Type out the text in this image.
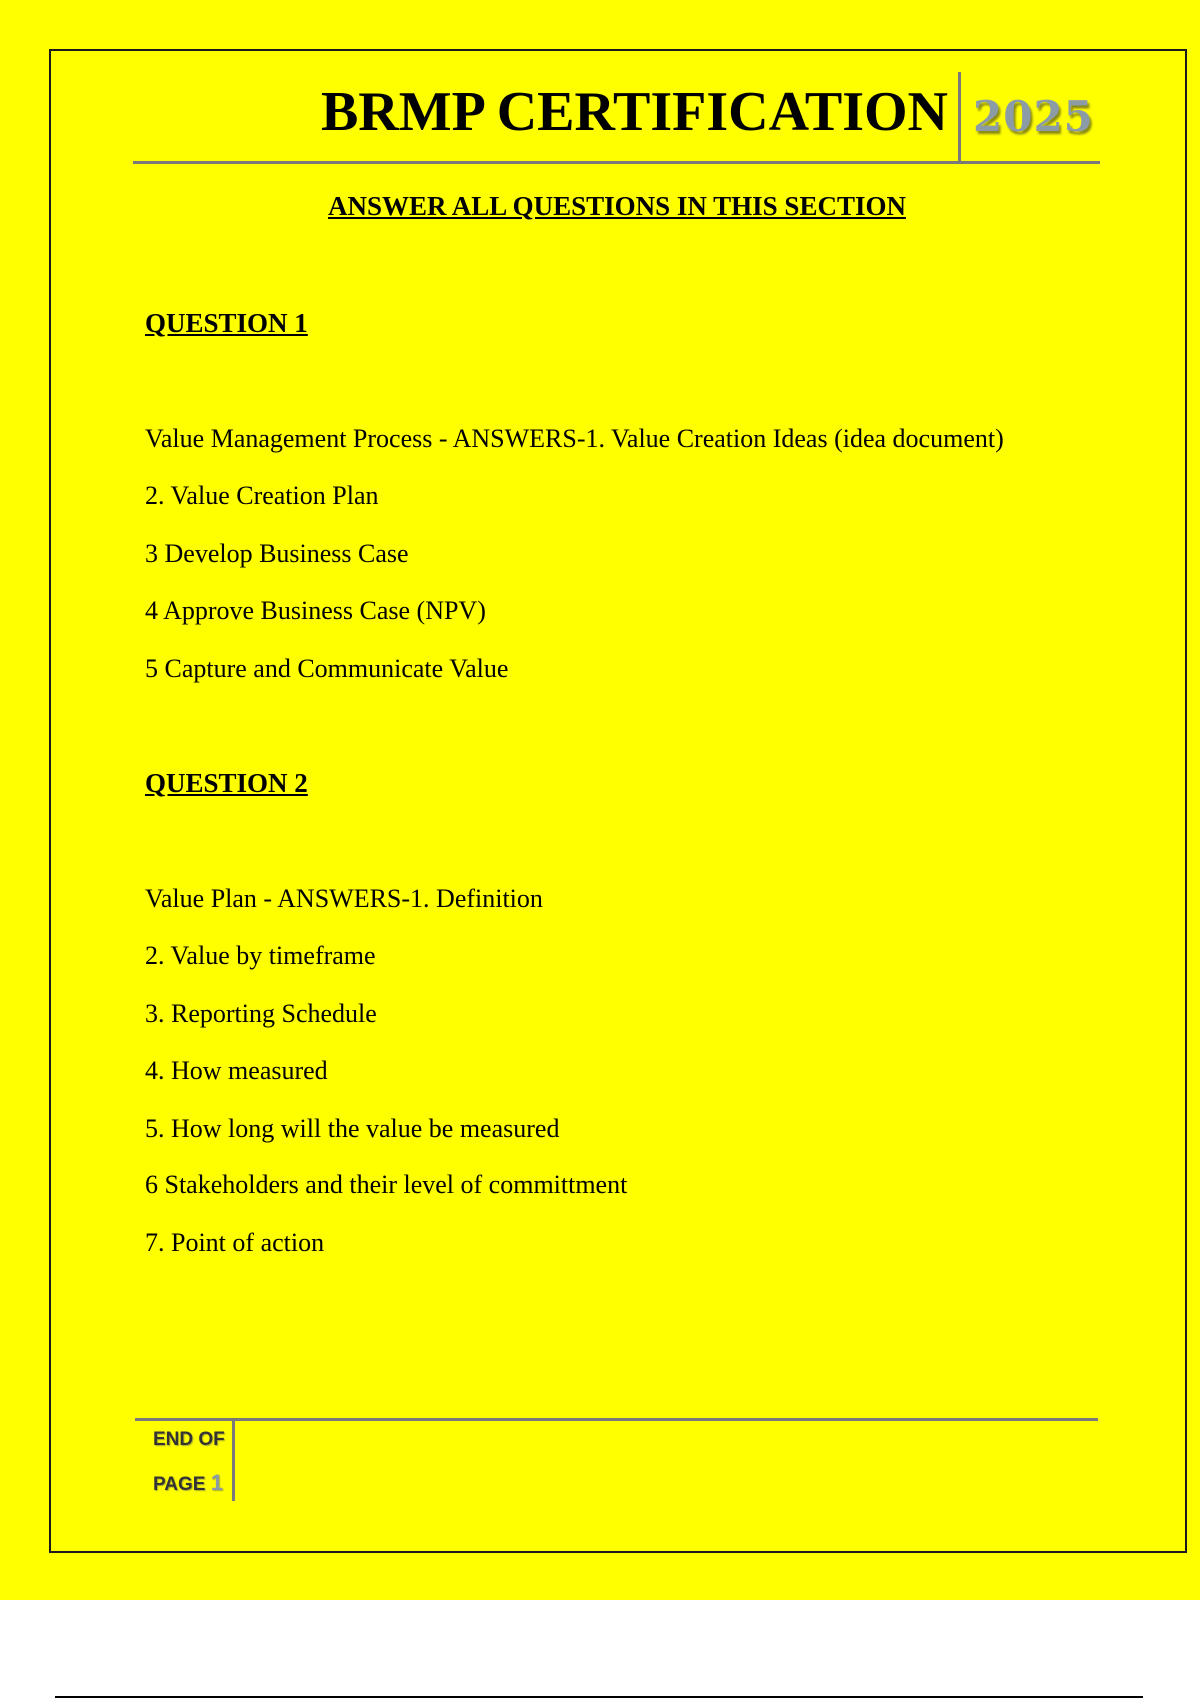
BRMP CERTIFICATION 2025
ANSWER ALL QUESTIONS IN THIS SECTION
QUESTION 1
Value Management Process - ANSWERS-1. Value Creation Ideas (idea document)
2. Value Creation Plan
3 Develop Business Case
4 Approve Business Case (NPV)
5 Capture and Communicate Value
QUESTION 2
Value Plan - ANSWERS-1. Definition
2. Value by timeframe
3. Reporting Schedule
4. How measured
5. How long will the value be measured
6 Stakeholders and their level of committment
7. Point of action
END OF
PAGE 1
